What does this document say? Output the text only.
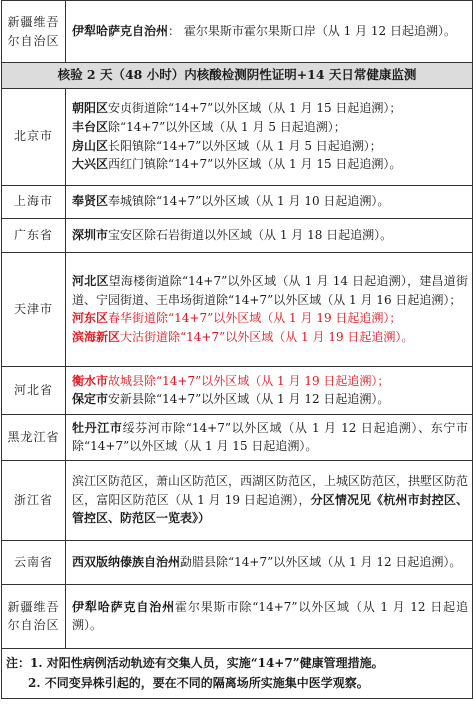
新疆维吾尔自治区	伊犁哈萨克自治州： 霍尔果斯市霍尔果斯口岸（从 1 月 12 日起追溯）。
核验 2 天（48 小时）内核酸检测阴性证明+14 天日常健康监测	
北京市	朝阳区安贞街道除“14+7”以外区域（从 1 月 15 日起追溯）；
丰台区除“14+7”以外区域（从 1 月 5 日起追溯）；
房山区长阳镇除“14+7”以外区域（从 1 月 5 日起追溯）；
大兴区西红门镇除“14+7”以外区域（从 1 月 15 日起追溯）。

上海市	奉贤区奉城镇除“14+7”以外区域（从 1 月 10 日起追溯）。
广东省	深圳市宝安区除石岩街道以外区域（从 1 月 18 日起追溯）。
天津市	河北区望海楼街道除“14+7”以外区域（从 1 月 14 日起追溯），建昌道街道、宁园街道、王串场街道除“14+7”以外区域（从 1 月 16 日起追溯）；
河东区春华街道除“14+7”以外区域（从 1 月 19 日起追溯）；
滨海新区大沽街道除“14+7”以外区域（从 1 月 19 日起追溯）。

河北省	衡水市故城县除“14+7”以外区域（从 1 月 19 日起追溯）；
保定市安新县除“14+7”以外区域（从 1 月 12 日起追溯）。

黑龙江省	牡丹江市绥芬河市除“14+7”以外区域（从 1 月 12 日起追溯）、东宁市除“14+7”以外区域（从 1 月 15 日起追溯）。
浙江省	滨江区防范区，萧山区防范区，西湖区防范区，上城区防范区，拱墅区防范区，富阳区防范区（从 1 月 19 日起追溯），分区情况见《杭州市封控区、管控区、防范区一览表》）
云南省	西双版纳傣族自治州勐腊县除“14+7”以外区域（从 1 月 12 日起追溯）。
新疆维吾尔自治区	伊犁哈萨克自治州霍尔果斯市除“14+7”以外区域（从 1 月 12 日起追溯）。

注：1. 对阳性病例活动轨迹有交集人员，实施“14+7”健康管理措施。
2. 不同变异株引起的，要在不同的隔离场所实施集中医学观察。	
